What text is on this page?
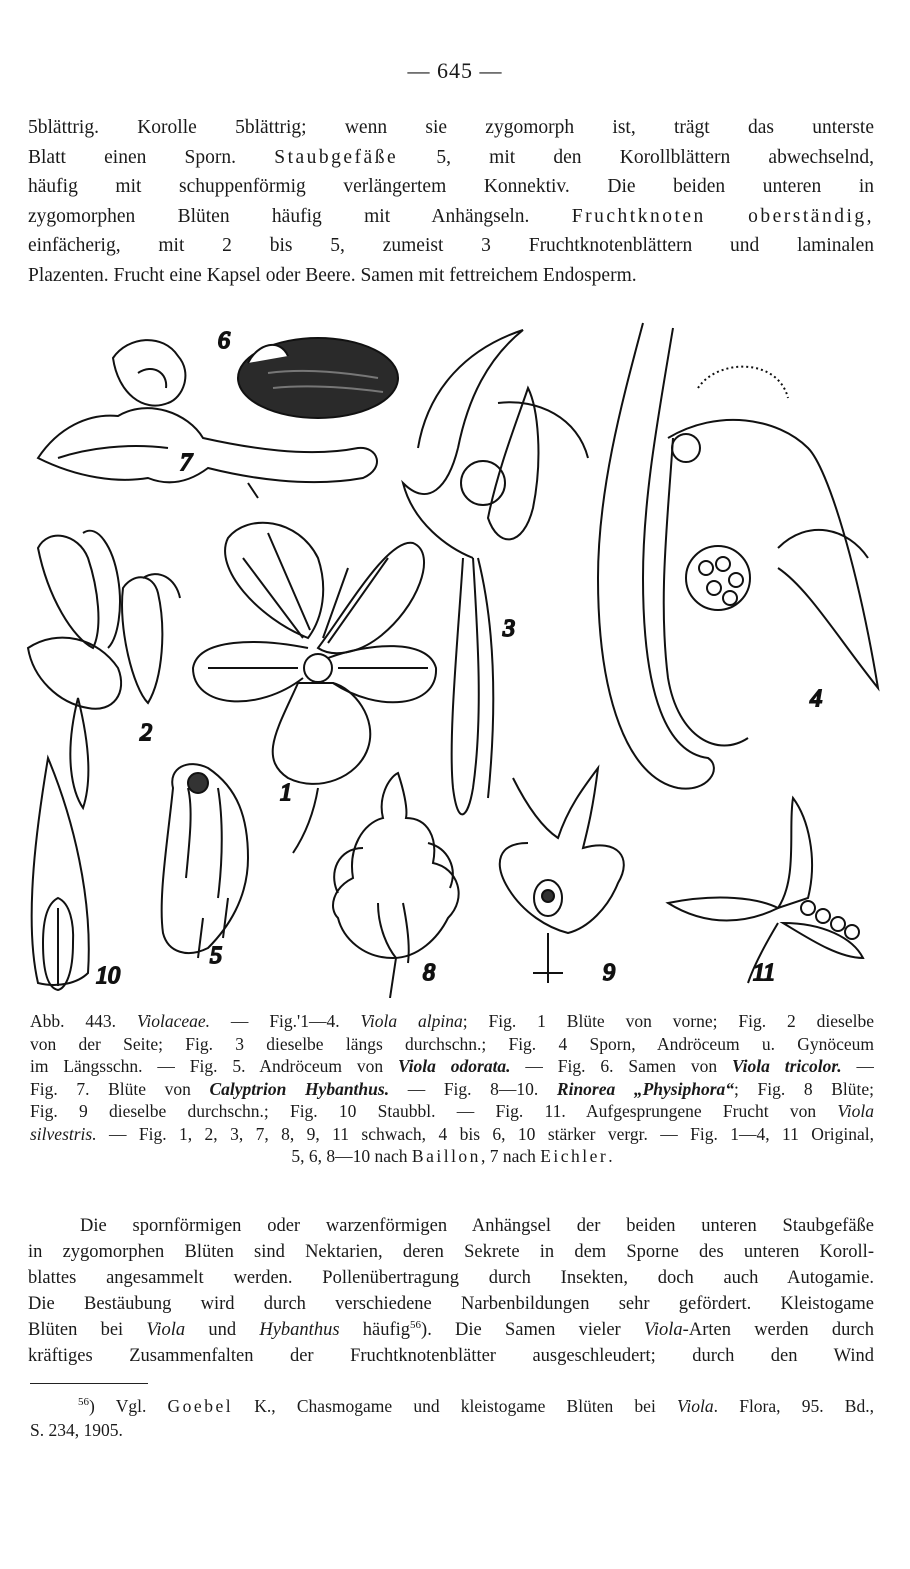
— 645 —
5blättrig. Korolle 5blättrig; wenn sie zygomorph ist, trägt das unterste
Blatt einen Sporn. Staubgefäße 5, mit den Korollblättern abwechselnd,
häufig mit schuppenförmig verlängertem Konnektiv. Die beiden unteren in
zygomorphen Blüten häufig mit Anhängseln. Fruchtknoten oberständig,
einfächerig, mit 2 bis 5, zumeist 3 Fruchtknotenblättern und laminalen
Plazenten. Frucht eine Kapsel oder Beere. Samen mit fettreichem Endosperm.
6
7
3
4
2
1
10
5
8	9	11
Abb. 443. Violaceae. — Fig.'1—4. Viola alpina; Fig. 1 Blüte von vorne; Fig. 2 dieselbe
von der Seite; Fig. 3 dieselbe längs durchschn.; Fig. 4 Sporn, Andröceum u. Gynöceum
im Längsschn. — Fig. 5. Andröceum von Viola odorata. — Fig. 6. Samen von Viola tricolor. —
Fig. 7. Blüte von Calyptrion Hybanthus. — Fig. 8—10. Rinorea „Physiphora“; Fig. 8 Blüte;
Fig. 9 dieselbe durchschn.; Fig. 10 Staubbl. — Fig. 11. Aufgesprungene Frucht von Viola
silvestris. — Fig. 1, 2, 3, 7, 8, 9, 11 schwach, 4 bis 6, 10 stärker vergr. — Fig. 1—4, 11 Original,
5, 6, 8—10 nach Baillon, 7 nach Eichler.
Die spornförmigen oder warzenförmigen Anhängsel der beiden unteren Staubgefäße
in zygomorphen Blüten sind Nektarien, deren Sekrete in dem Sporne des unteren Koroll-
blattes angesammelt werden. Pollenübertragung durch Insekten, doch auch Autogamie.
Die Bestäubung wird durch verschiedene Narbenbildungen sehr gefördert. Kleistogame
Blüten bei Viola und Hybanthus häufig$^{56}$). Die Samen vieler Viola-Arten werden durch
kräftiges Zusammenfalten der Fruchtknotenblätter ausgeschleudert; durch den Wind
$^{56}$) Vgl. Goebel K., Chasmogame und kleistogame Blüten bei Viola. Flora, 95. Bd.,
S. 234, 1905.
